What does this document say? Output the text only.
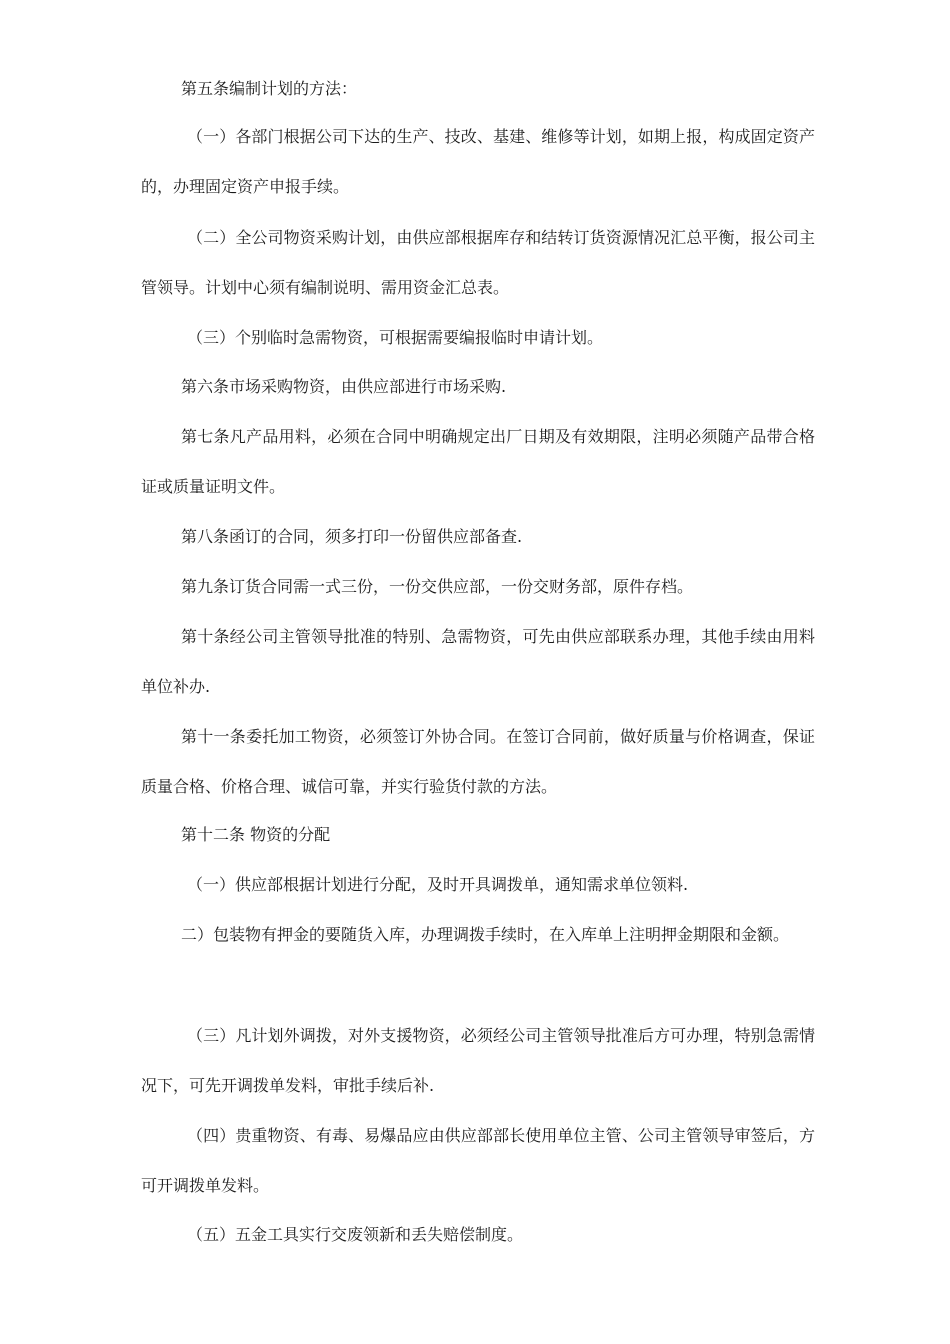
第五条编制计划的方法：

（一）各部门根据公司下达的生产、技改、基建、维修等计划，如期上报，构成固定资产的，办理固定资产申报手续。

（二）全公司物资采购计划，由供应部根据库存和结转订货资源情况汇总平衡，报公司主管领导。计划中心须有编制说明、需用资金汇总表。

（三）个别临时急需物资，可根据需要编报临时申请计划。

第六条市场采购物资，由供应部进行市场采购.

第七条凡产品用料，必须在合同中明确规定出厂日期及有效期限，注明必须随产品带合格证或质量证明文件。

第八条函订的合同，须多打印一份留供应部备查.

第九条订货合同需一式三份，一份交供应部，一份交财务部，原件存档。

第十条经公司主管领导批准的特别、急需物资，可先由供应部联系办理，其他手续由用料单位补办.

第十一条委托加工物资，必须签订外协合同。在签订合同前，做好质量与价格调查，保证质量合格、价格合理、诚信可靠，并实行验货付款的方法。

第十二条 物资的分配

（一）供应部根据计划进行分配，及时开具调拨单，通知需求单位领料.

二）包装物有押金的要随货入库，办理调拨手续时，在入库单上注明押金期限和金额。

（三）凡计划外调拨，对外支援物资，必须经公司主管领导批准后方可办理，特别急需情况下，可先开调拨单发料，审批手续后补.

（四）贵重物资、有毒、易爆品应由供应部部长使用单位主管、公司主管领导审签后，方可开调拨单发料。

（五）五金工具实行交废领新和丢失赔偿制度。
